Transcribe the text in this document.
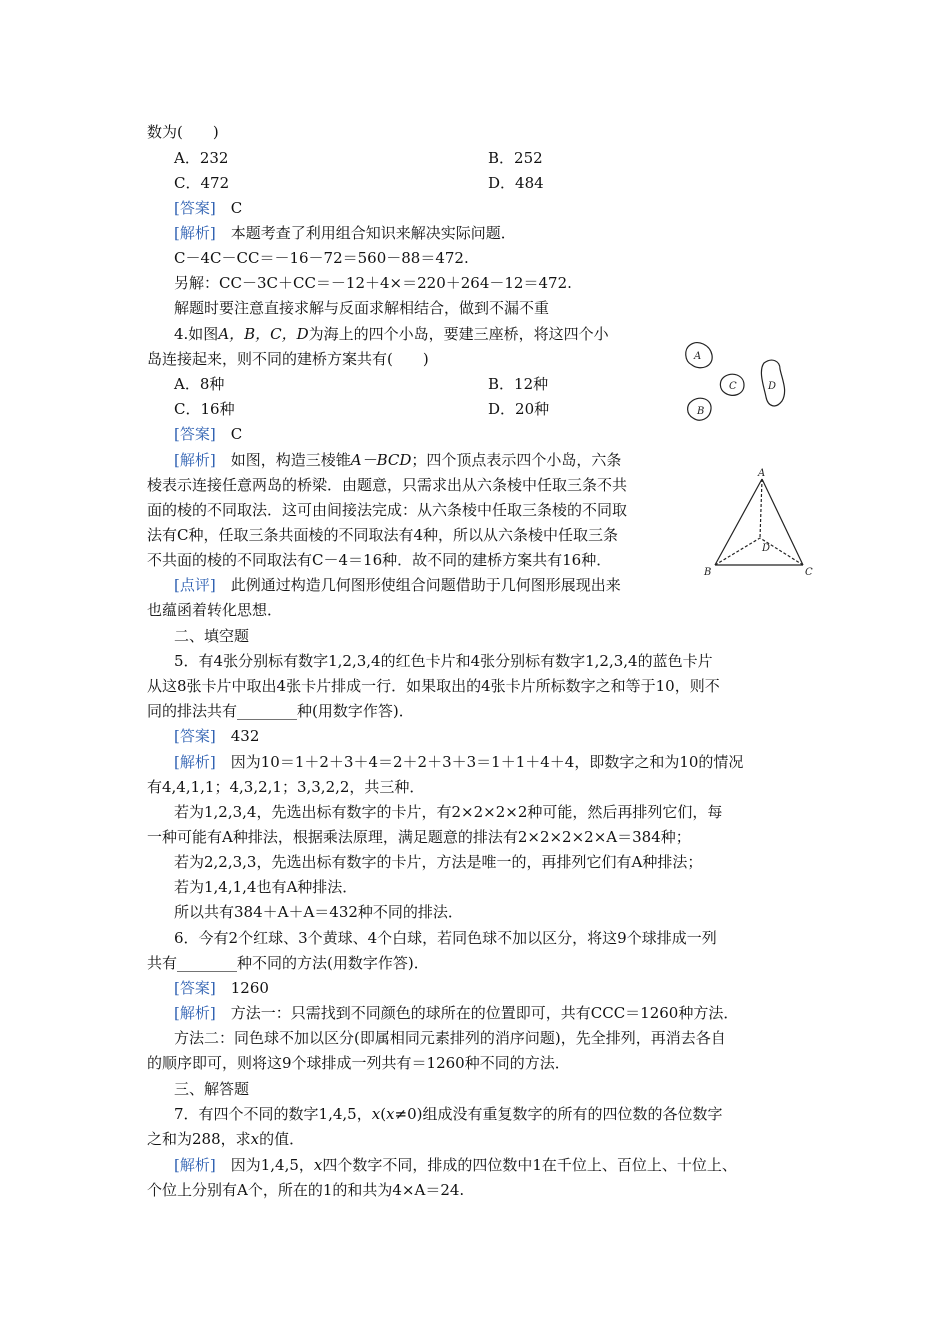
数为(　　)
A．232	B．252
C．472	D．484
[答案]　 C
[解析]　 本题考查了利用组合知识来解决实际问题．
C－4C－CC＝－16－72＝560－88＝472.
另解：CC－3C＋CC＝－12＋4×＝220＋264－12＝472.
解题时要注意直接求解与反面求解相结合，做到不漏不重
4.如图A，B，C，D为海上的四个小岛，要建三座桥，将这四个小
岛连接起来，则不同的建桥方案共有(　　)
A．8种	B．12种
C．16种	D．20种
[答案]　 C
[解析]　 如图，构造三棱锥A－BCD；四个顶点表示四个小岛，六条
棱表示连接任意两岛的桥梁．由题意，只需求出从六条棱中任取三条不共
面的棱的不同取法．这可由间接法完成：从六条棱中任取三条棱的不同取
法有C种，任取三条共面棱的不同取法有4种，所以从六条棱中任取三条
不共面的棱的不同取法有C－4＝16种．故不同的建桥方案共有16种．
[点评]　 此例通过构造几何图形使组合问题借助于几何图形展现出来
也蕴函着转化思想．
A
B
C	D
A
B	C
D
二、填空题
5．有4张分别标有数字1,2,3,4的红色卡片和4张分别标有数字1,2,3,4的蓝色卡片
从这8张卡片中取出4张卡片排成一行．如果取出的4张卡片所标数字之和等于10，则不
同的排法共有________种(用数字作答)．
[答案]　 432
[解析]　 因为10＝1＋2＋3＋4＝2＋2＋3＋3＝1＋1＋4＋4，即数字之和为10的情况
有4,4,1,1；4,3,2,1；3,3,2,2，共三种．
若为1,2,3,4，先选出标有数字的卡片，有2×2×2×2种可能，然后再排列它们，每
一种可能有A种排法，根据乘法原理，满足题意的排法有2×2×2×2×A＝384种；
若为2,2,3,3，先选出标有数字的卡片，方法是唯一的，再排列它们有A种排法；
若为1,4,1,4也有A种排法．
所以共有384＋A＋A＝432种不同的排法．
6．今有2个红球、3个黄球、4个白球，若同色球不加以区分，将这9个球排成一列
共有________种不同的方法(用数字作答)．
[答案]　 1260
[解析]　 方法一：只需找到不同颜色的球所在的位置即可，共有CCC＝1260种方法．
方法二：同色球不加以区分(即属相同元素排列的消序问题)，先全排列，再消去各自
的顺序即可，则将这9个球排成一列共有＝1260种不同的方法．
三、解答题
7．有四个不同的数字1,4,5，x(x≠0)组成没有重复数字的所有的四位数的各位数字
之和为288，求x的值．
[解析]　 因为1,4,5，x四个数字不同，排成的四位数中1在千位上、百位上、十位上、
个位上分别有A个，所在的1的和共为4×A＝24.
